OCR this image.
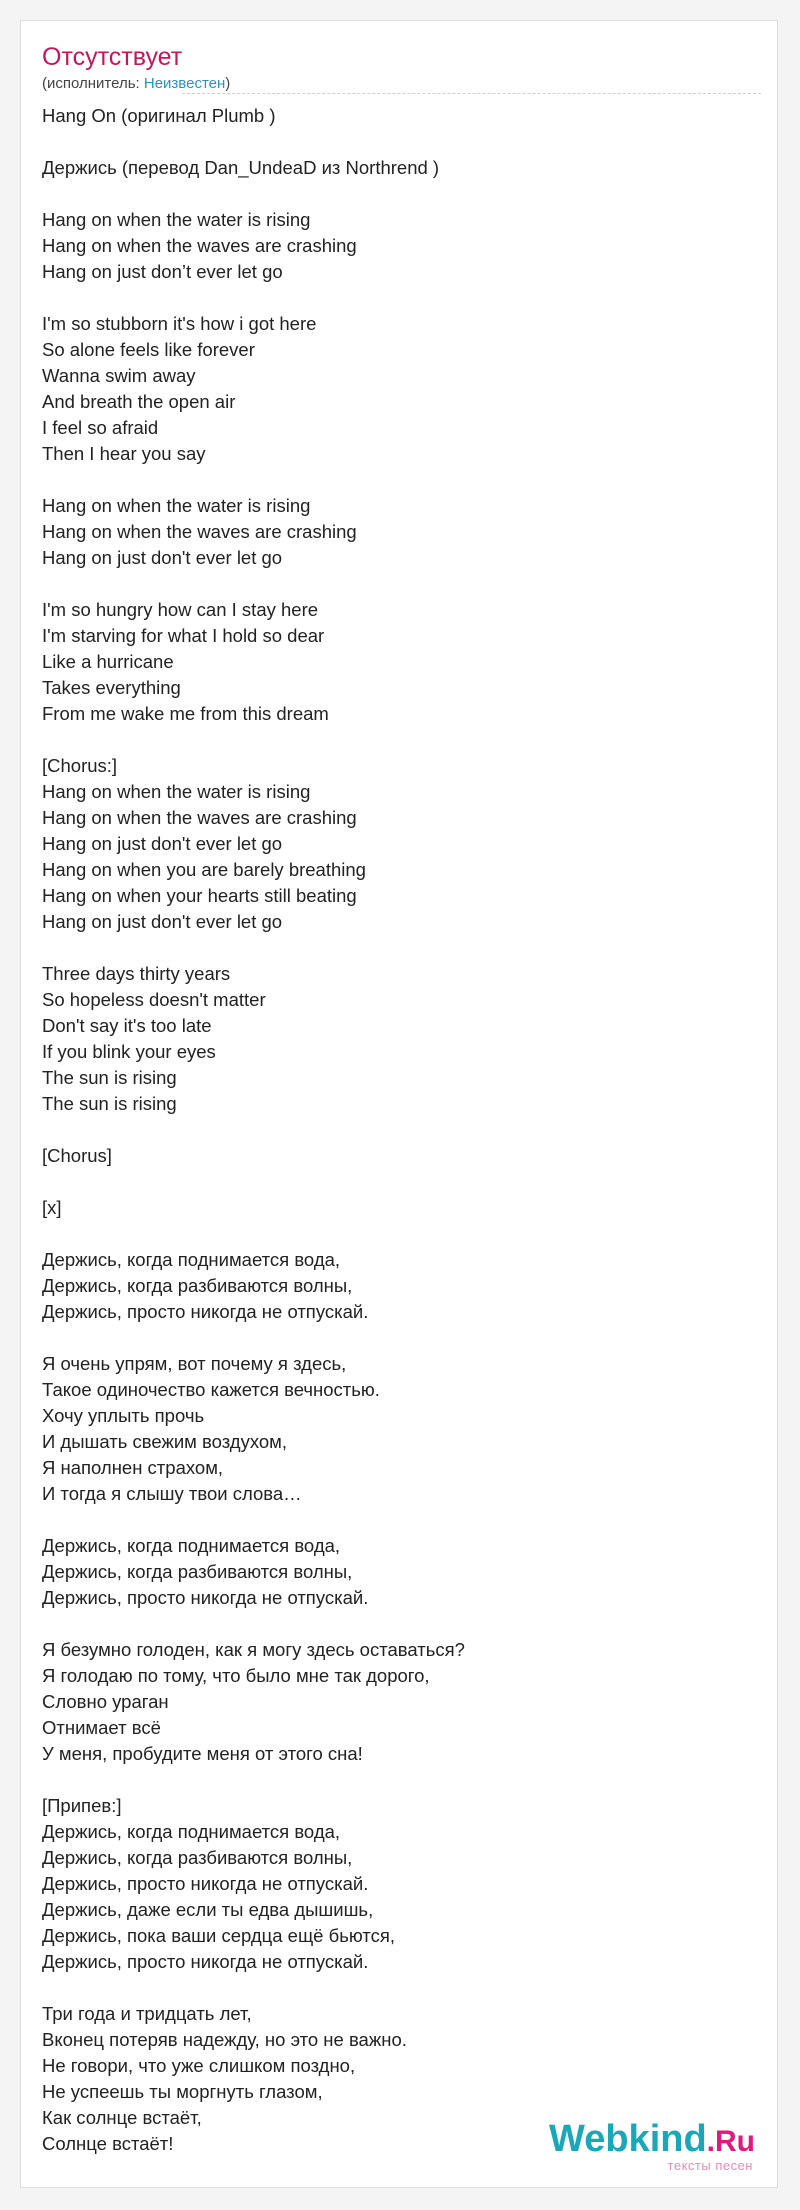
Отсутствует
(исполнитель: Неизвестен)
Hang On (оригинал Plumb )
Держись (перевод Dan_UndeaD из Northrend )
Hang on when the water is rising
Hang on when the waves are crashing
Hang on just don’t ever let go
I'm so stubborn it's how i got here
So alone feels like forever
Wanna swim away
And breath the open air
I feel so afraid
Then I hear you say
Hang on when the water is rising
Hang on when the waves are crashing
Hang on just don't ever let go
I'm so hungry how can I stay here
I'm starving for what I hold so dear
Like a hurricane
Takes everything
From me wake me from this dream
[Chorus:]
Hang on when the water is rising
Hang on when the waves are crashing
Hang on just don't ever let go
Hang on when you are barely breathing
Hang on when your hearts still beating
Hang on just don't ever let go
Three days thirty years
So hopeless doesn't matter
Don't say it's too late
If you blink your eyes
The sun is rising
The sun is rising
[Chorus]
[x]
Держись, когда поднимается вода,
Держись, когда разбиваются волны,
Держись, просто никогда не отпускай.
Я очень упрям, вот почему я здесь,
Такое одиночество кажется вечностью.
Хочу уплыть прочь
И дышать свежим воздухом,
Я наполнен страхом,
И тогда я слышу твои слова…
Держись, когда поднимается вода,
Держись, когда разбиваются волны,
Держись, просто никогда не отпускай.
Я безумно голоден, как я могу здесь оставаться?
Я голодаю по тому, что было мне так дорого,
Словно ураган
Отнимает всё
У меня, пробудите меня от этого сна!
[Припев:]
Держись, когда поднимается вода,
Держись, когда разбиваются волны,
Держись, просто никогда не отпускай.
Держись, даже если ты едва дышишь,
Держись, пока ваши сердца ещё бьются,
Держись, просто никогда не отпускай.
Три года и тридцать лет,
Вконец потеряв надежду, но это не важно.
Не говори, что уже слишком поздно,
Не успеешь ты моргнуть глазом,
Как солнце встаёт,
Солнце встаёт!	Webkind.Ru
тексты песен
